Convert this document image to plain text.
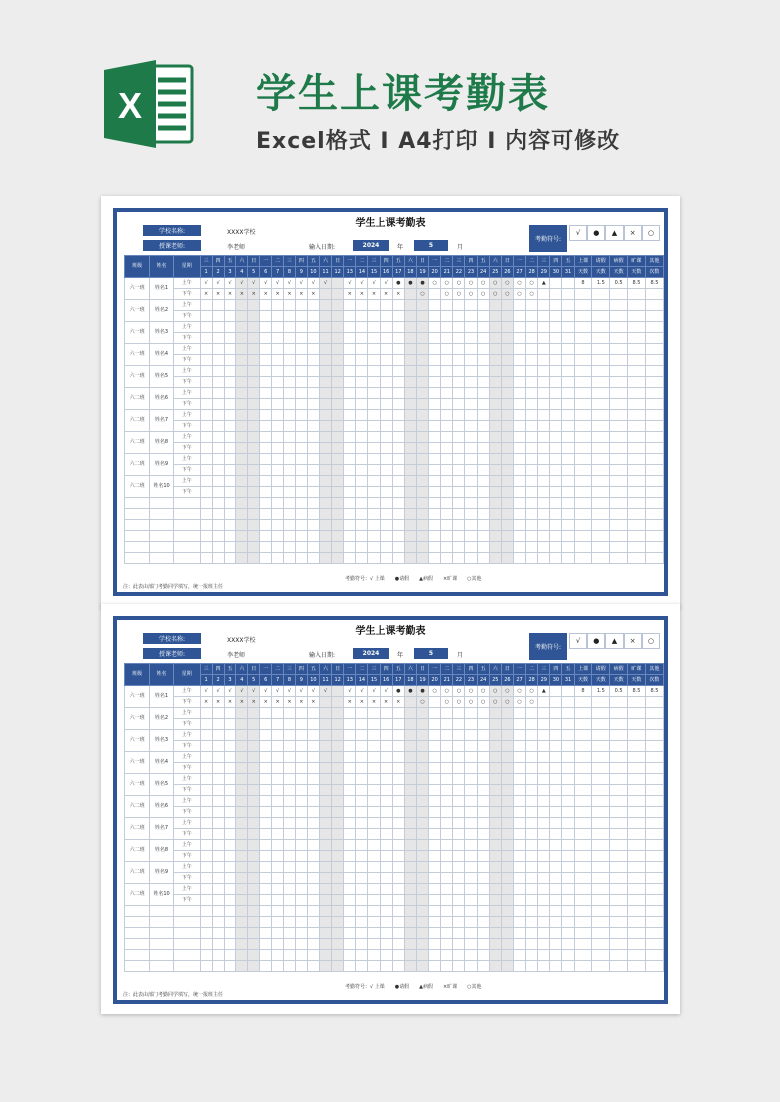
X	学生上课考勤表
Excel格式 I A4打印 I 内容可修改
学生上课考勤表
学校名称:	XXXX学校
授课老师:	李老师	输入日期:	2024	年	5	月
考勤符号:
√	●	▲	×	○
班级	姓名	星期	三	四	五	六	日	一	二	三	四	五	六	日	一	二	三	四	五	六	日	一	二	三	四	五	六	日	一	二	三	四	五	上课	请假	病假	旷课	其他
			1	2	3	4	5	6	7	8	9	10	11	12	13	14	15	16	17	18	19	20	21	22	23	24	25	26	27	28	29	30	31	天数	天数	天数	天数	次数
六一班	姓名1	上午	√	√	√	√	√	√	√	√	√	√	√		√	√	√	√	●	●	●	○	○	○	○	○	○	○	○	○	▲			8	1.5	0.5	8.5	8.5
		下午	×	×	×	×	×	×	×	×	×	×			×	×	×	×	×		○		○	○	○	○	○	○	○	○								
六一班	姓名2	上午																																				
		下午																																				
六一班	姓名3	上午																																				
		下午																																				
六一班	姓名4	上午																																				
		下午																																				
六一班	姓名5	上午																																				
		下午																																				
六二班	姓名6	上午																																				
		下午																																				
六二班	姓名7	上午																																				
		下午																																				
六二班	姓名8	上午																																				
		下午																																				
六二班	姓名9	上午																																				
		下午																																				
六二班	姓名10	上午																																				
		下午																																				

考勤符号：√ 上课　　●请假　　▲病假　　×旷课　　○其他
注：此表由部门考勤同学填写，统一报班主任
学生上课考勤表
学校名称:	XXXX学校
授课老师:	李老师	输入日期:	2024	年	5	月
考勤符号:
√	●	▲	×	○
班级	姓名	星期	三	四	五	六	日	一	二	三	四	五	六	日	一	二	三	四	五	六	日	一	二	三	四	五	六	日	一	二	三	四	五	上课	请假	病假	旷课	其他
			1	2	3	4	5	6	7	8	9	10	11	12	13	14	15	16	17	18	19	20	21	22	23	24	25	26	27	28	29	30	31	天数	天数	天数	天数	次数
六一班	姓名1	上午	√	√	√	√	√	√	√	√	√	√	√		√	√	√	√	●	●	●	○	○	○	○	○	○	○	○	○	▲			8	1.5	0.5	8.5	8.5
		下午	×	×	×	×	×	×	×	×	×	×			×	×	×	×	×		○		○	○	○	○	○	○	○	○								
六一班	姓名2	上午																																				
		下午																																				
六一班	姓名3	上午																																				
		下午																																				
六一班	姓名4	上午																																				
		下午																																				
六一班	姓名5	上午																																				
		下午																																				
六二班	姓名6	上午																																				
		下午																																				
六二班	姓名7	上午																																				
		下午																																				
六二班	姓名8	上午																																				
		下午																																				
六二班	姓名9	上午																																				
		下午																																				
六二班	姓名10	上午																																				
		下午																																				

考勤符号：√ 上课　　●请假　　▲病假　　×旷课　　○其他
注：此表由部门考勤同学填写，统一报班主任
